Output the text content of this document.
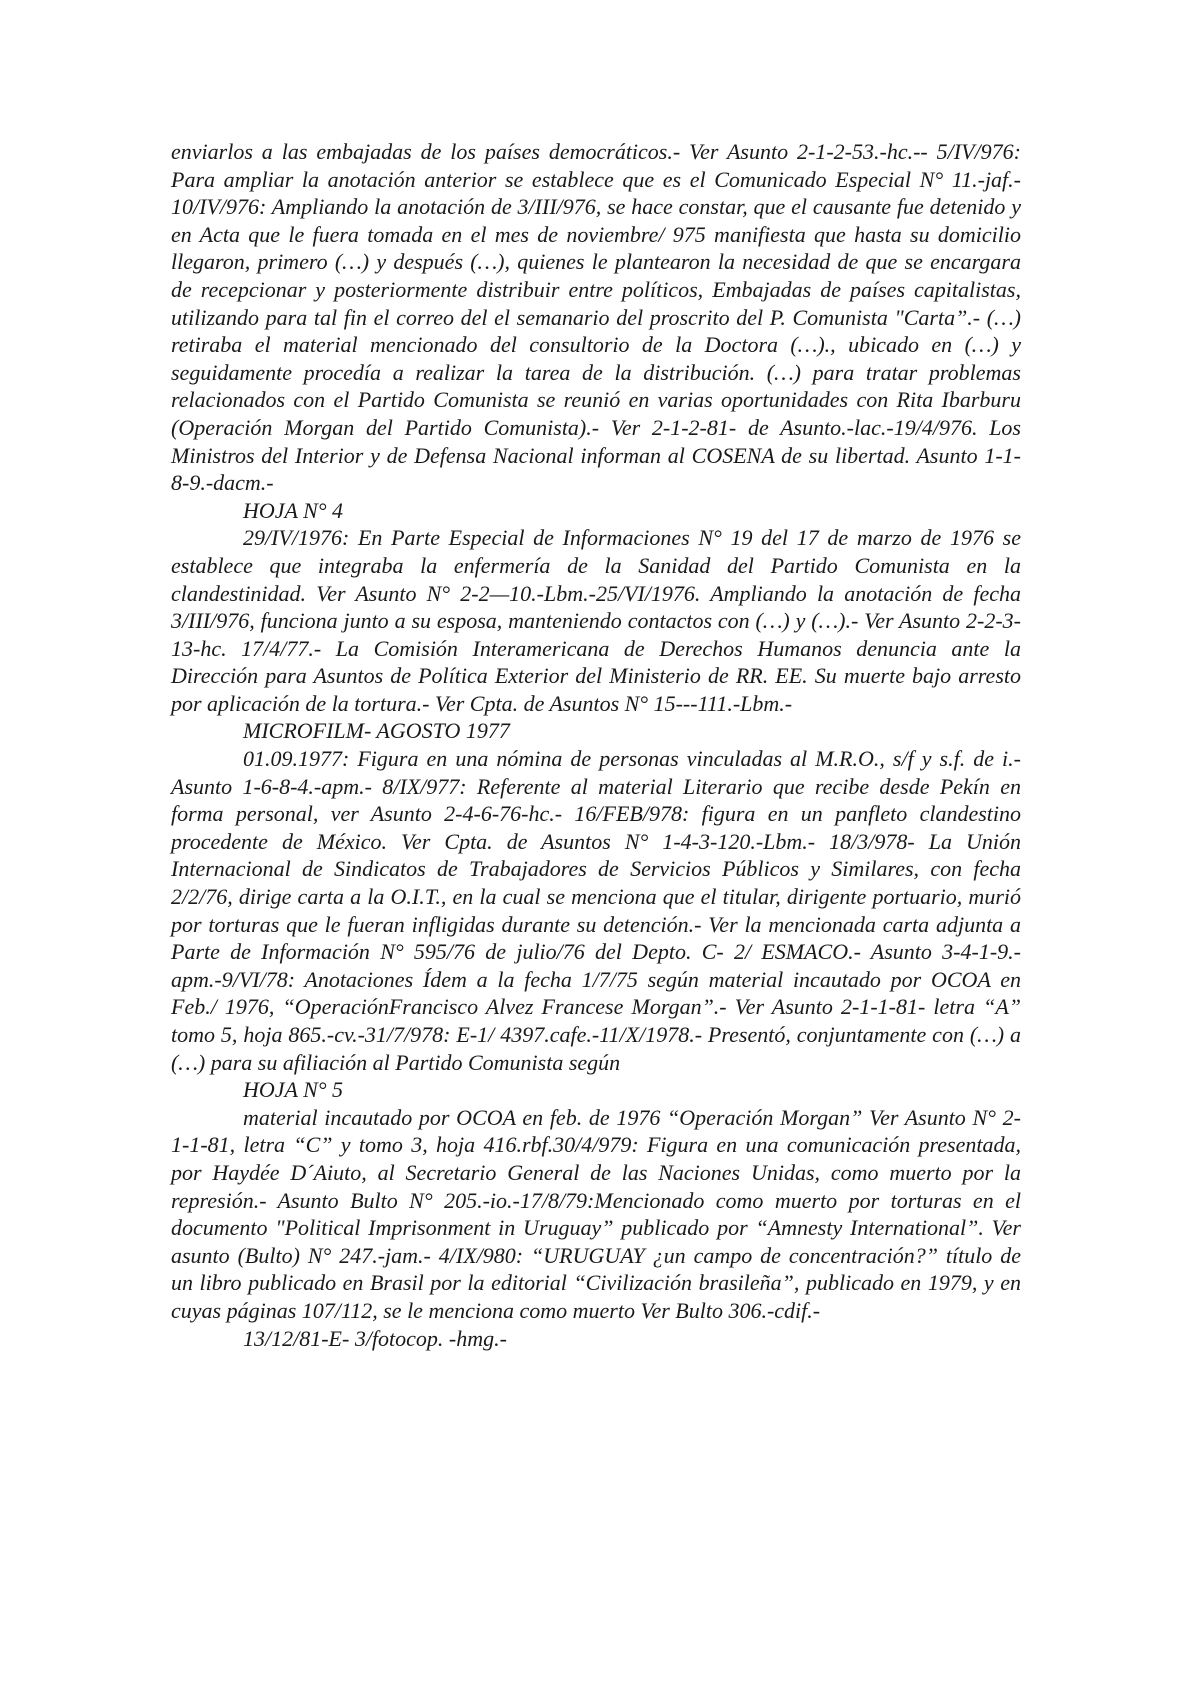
enviarlos a las embajadas de los países democráticos.- Ver Asunto 2-1-2-53.-hc.-- 5/IV/976: Para ampliar la anotación anterior se establece que es el Comunicado Especial N° 11.-jaf.- 10/IV/976: Ampliando la anotación de 3/III/976, se hace constar, que el causante fue detenido y en Acta que le fuera tomada en el mes de noviembre/ 975 manifiesta que hasta su domicilio llegaron, primero (…) y después (…), quienes le plantearon la necesidad de que se encargara de recepcionar y posteriormente distribuir entre políticos, Embajadas de países capitalistas, utilizando para tal fin el correo del el semanario del proscrito del P. Comunista "Carta”.- (…) retiraba el material mencionado del consultorio de la Doctora (…)., ubicado en (…) y seguidamente procedía a realizar la tarea de la distribución. (…) para tratar problemas relacionados con el Partido Comunista se reunió en varias oportunidades con Rita Ibarburu (Operación Morgan del Partido Comunista).- Ver 2-1-2-81- de Asunto.-lac.-19/4/976. Los Ministros del Interior y de Defensa Nacional informan al COSENA de su libertad. Asunto 1-1-8-9.-dacm.-

HOJA N° 4

29/IV/1976: En Parte Especial de Informaciones N° 19 del 17 de marzo de 1976 se establece que integraba la enfermería de la Sanidad del Partido Comunista en la clandestinidad. Ver Asunto N° 2-2—10.-Lbm.-25/VI/1976. Ampliando la anotación de fecha 3/III/976, funciona junto a su esposa, manteniendo contactos con (…) y (…).- Ver Asunto 2-2-3-13-hc. 17/4/77.- La Comisión Interamericana de Derechos Humanos denuncia ante la Dirección para Asuntos de Política Exterior del Ministerio de RR. EE. Su muerte bajo arresto por aplicación de la tortura.- Ver Cpta. de Asuntos N° 15---111.-Lbm.-

MICROFILM- AGOSTO 1977

01.09.1977: Figura en una nómina de personas vinculadas al M.R.O., s/f y s.f. de i.- Asunto 1-6-8-4.-apm.- 8/IX/977: Referente al material Literario que recibe desde Pekín en forma personal, ver Asunto 2-4-6-76-hc.- 16/FEB/978: figura en un panfleto clandestino procedente de México. Ver Cpta. de Asuntos N° 1-4-3-120.-Lbm.- 18/3/978- La Unión Internacional de Sindicatos de Trabajadores de Servicios Públicos y Similares, con fecha 2/2/76, dirige carta a la O.I.T., en la cual se menciona que el titular, dirigente portuario, murió por torturas que le fueran infligidas durante su detención.- Ver la mencionada carta adjunta a Parte de Información N° 595/76 de julio/76 del Depto. C- 2/ ESMACO.- Asunto 3-4-1-9.-apm.-9/VI/78: Anotaciones Ídem a la fecha 1/7/75 según material incautado por OCOA en Feb./ 1976, “OperaciónFrancisco Alvez Francese Morgan”.- Ver Asunto 2-1-1-81- letra “A” tomo 5, hoja 865.-cv.-31/7/978: E-1/ 4397.cafe.-11/X/1978.- Presentó, conjuntamente con (…) a (…) para su afiliación al Partido Comunista según

HOJA N° 5

material incautado por OCOA en feb. de 1976 “Operación Morgan” Ver Asunto N° 2-1-1-81, letra “C” y tomo 3, hoja 416.rbf.30/4/979: Figura en una comunicación presentada, por Haydée D´Aiuto, al Secretario General de las Naciones Unidas, como muerto por la represión.- Asunto Bulto N° 205.-io.-17/8/79:Mencionado como muerto por torturas en el documento "Political Imprisonment in Uruguay” publicado por “Amnesty International”. Ver asunto (Bulto) N° 247.-jam.- 4/IX/980: “URUGUAY ¿un campo de concentración?” título de un libro publicado en Brasil por la editorial “Civilización brasileña”, publicado en 1979, y en cuyas páginas 107/112, se le menciona como muerto Ver Bulto 306.-cdif.-

13/12/81-E- 3/fotocop. -hmg.-
